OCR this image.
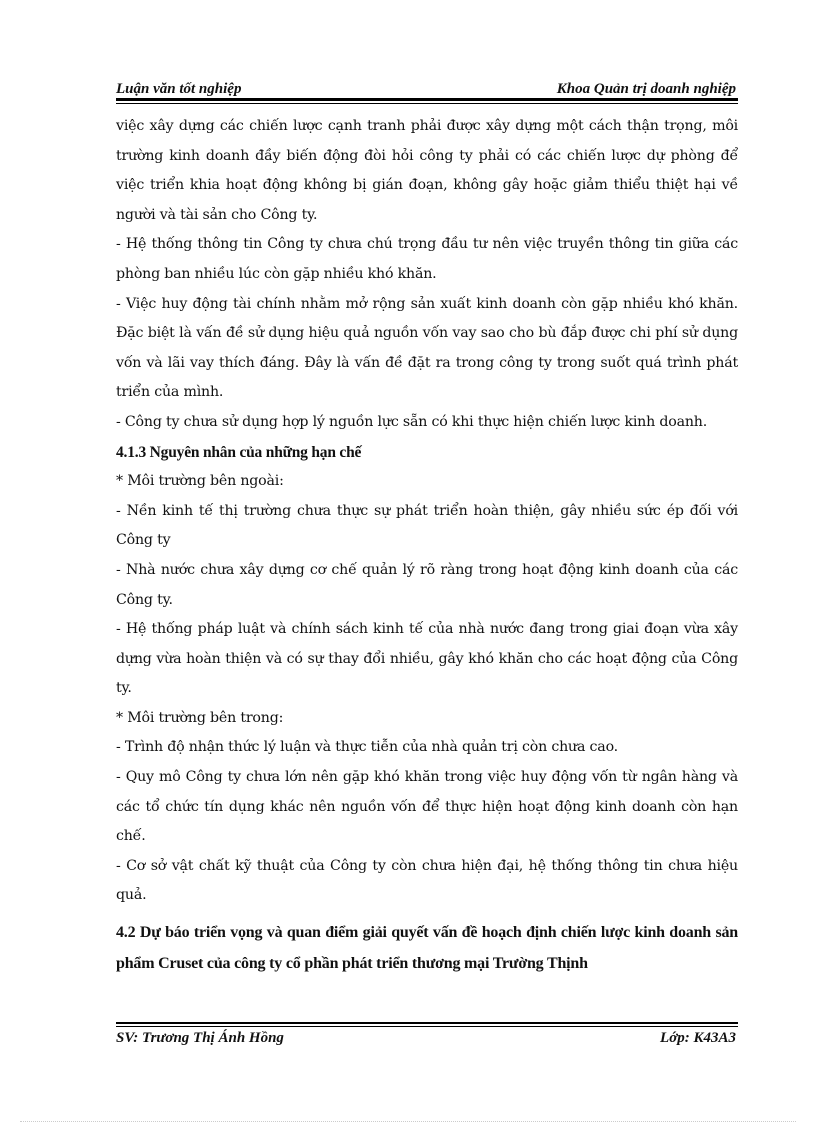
Luận văn tốt nghiệp	Khoa Quản trị doanh nghiệp

việc xây dựng các chiến lược cạnh tranh phải được xây dựng một cách thận trọng, môi trường kinh doanh đầy biến động đòi hỏi công ty phải có các chiến lược dự phòng để việc triển khia hoạt động không bị gián đoạn, không gây hoặc giảm thiểu thiệt hại về người và tài sản cho Công ty.

- Hệ thống thông tin Công ty chưa chú trọng đầu tư nên việc truyền thông tin giữa các phòng ban nhiều lúc còn gặp nhiều khó khăn.

- Việc huy động tài chính nhằm mở rộng sản xuất kinh doanh còn gặp nhiều khó khăn. Đặc biệt là vấn đề sử dụng hiệu quả nguồn vốn vay sao cho bù đắp được chi phí sử dụng vốn và lãi vay thích đáng. Đây là vấn đề đặt ra trong công ty trong suốt quá trình phát triển của mình.

- Công ty chưa sử dụng hợp lý nguồn lực sẵn có khi thực hiện chiến lược kinh doanh.

4.1.3 Nguyên nhân của những hạn chế

* Môi trường bên ngoài:

- Nền kinh tế thị trường chưa thực sự phát triển hoàn thiện, gây nhiều sức ép đối với Công ty

- Nhà nước chưa xây dựng cơ chế quản lý rõ ràng trong hoạt động kinh doanh của các Công ty.

- Hệ thống pháp luật và chính sách kinh tế của nhà nước đang trong giai đoạn vừa xây dựng vừa hoàn thiện và có sự thay đổi nhiều, gây khó khăn cho các hoạt động của Công ty.

* Môi trường bên trong:

- Trình độ nhận thức lý luận và thực tiễn của nhà quản trị còn chưa cao.

- Quy mô Công ty chưa lớn nên gặp khó khăn trong việc huy động vốn từ ngân hàng và các tổ chức tín dụng khác nên nguồn vốn để thực hiện hoạt động kinh doanh còn hạn chế.

- Cơ sở vật chất kỹ thuật của Công ty còn chưa hiện đại, hệ thống thông tin chưa hiệu quả.

4.2 Dự báo triển vọng và quan điểm giải quyết vấn đề hoạch định chiến lược kinh doanh sản phẩm Cruset của công ty cổ phần phát triển thương mại Trường Thịnh

SV: Trương Thị Ánh Hồng	Lớp: K43A3
